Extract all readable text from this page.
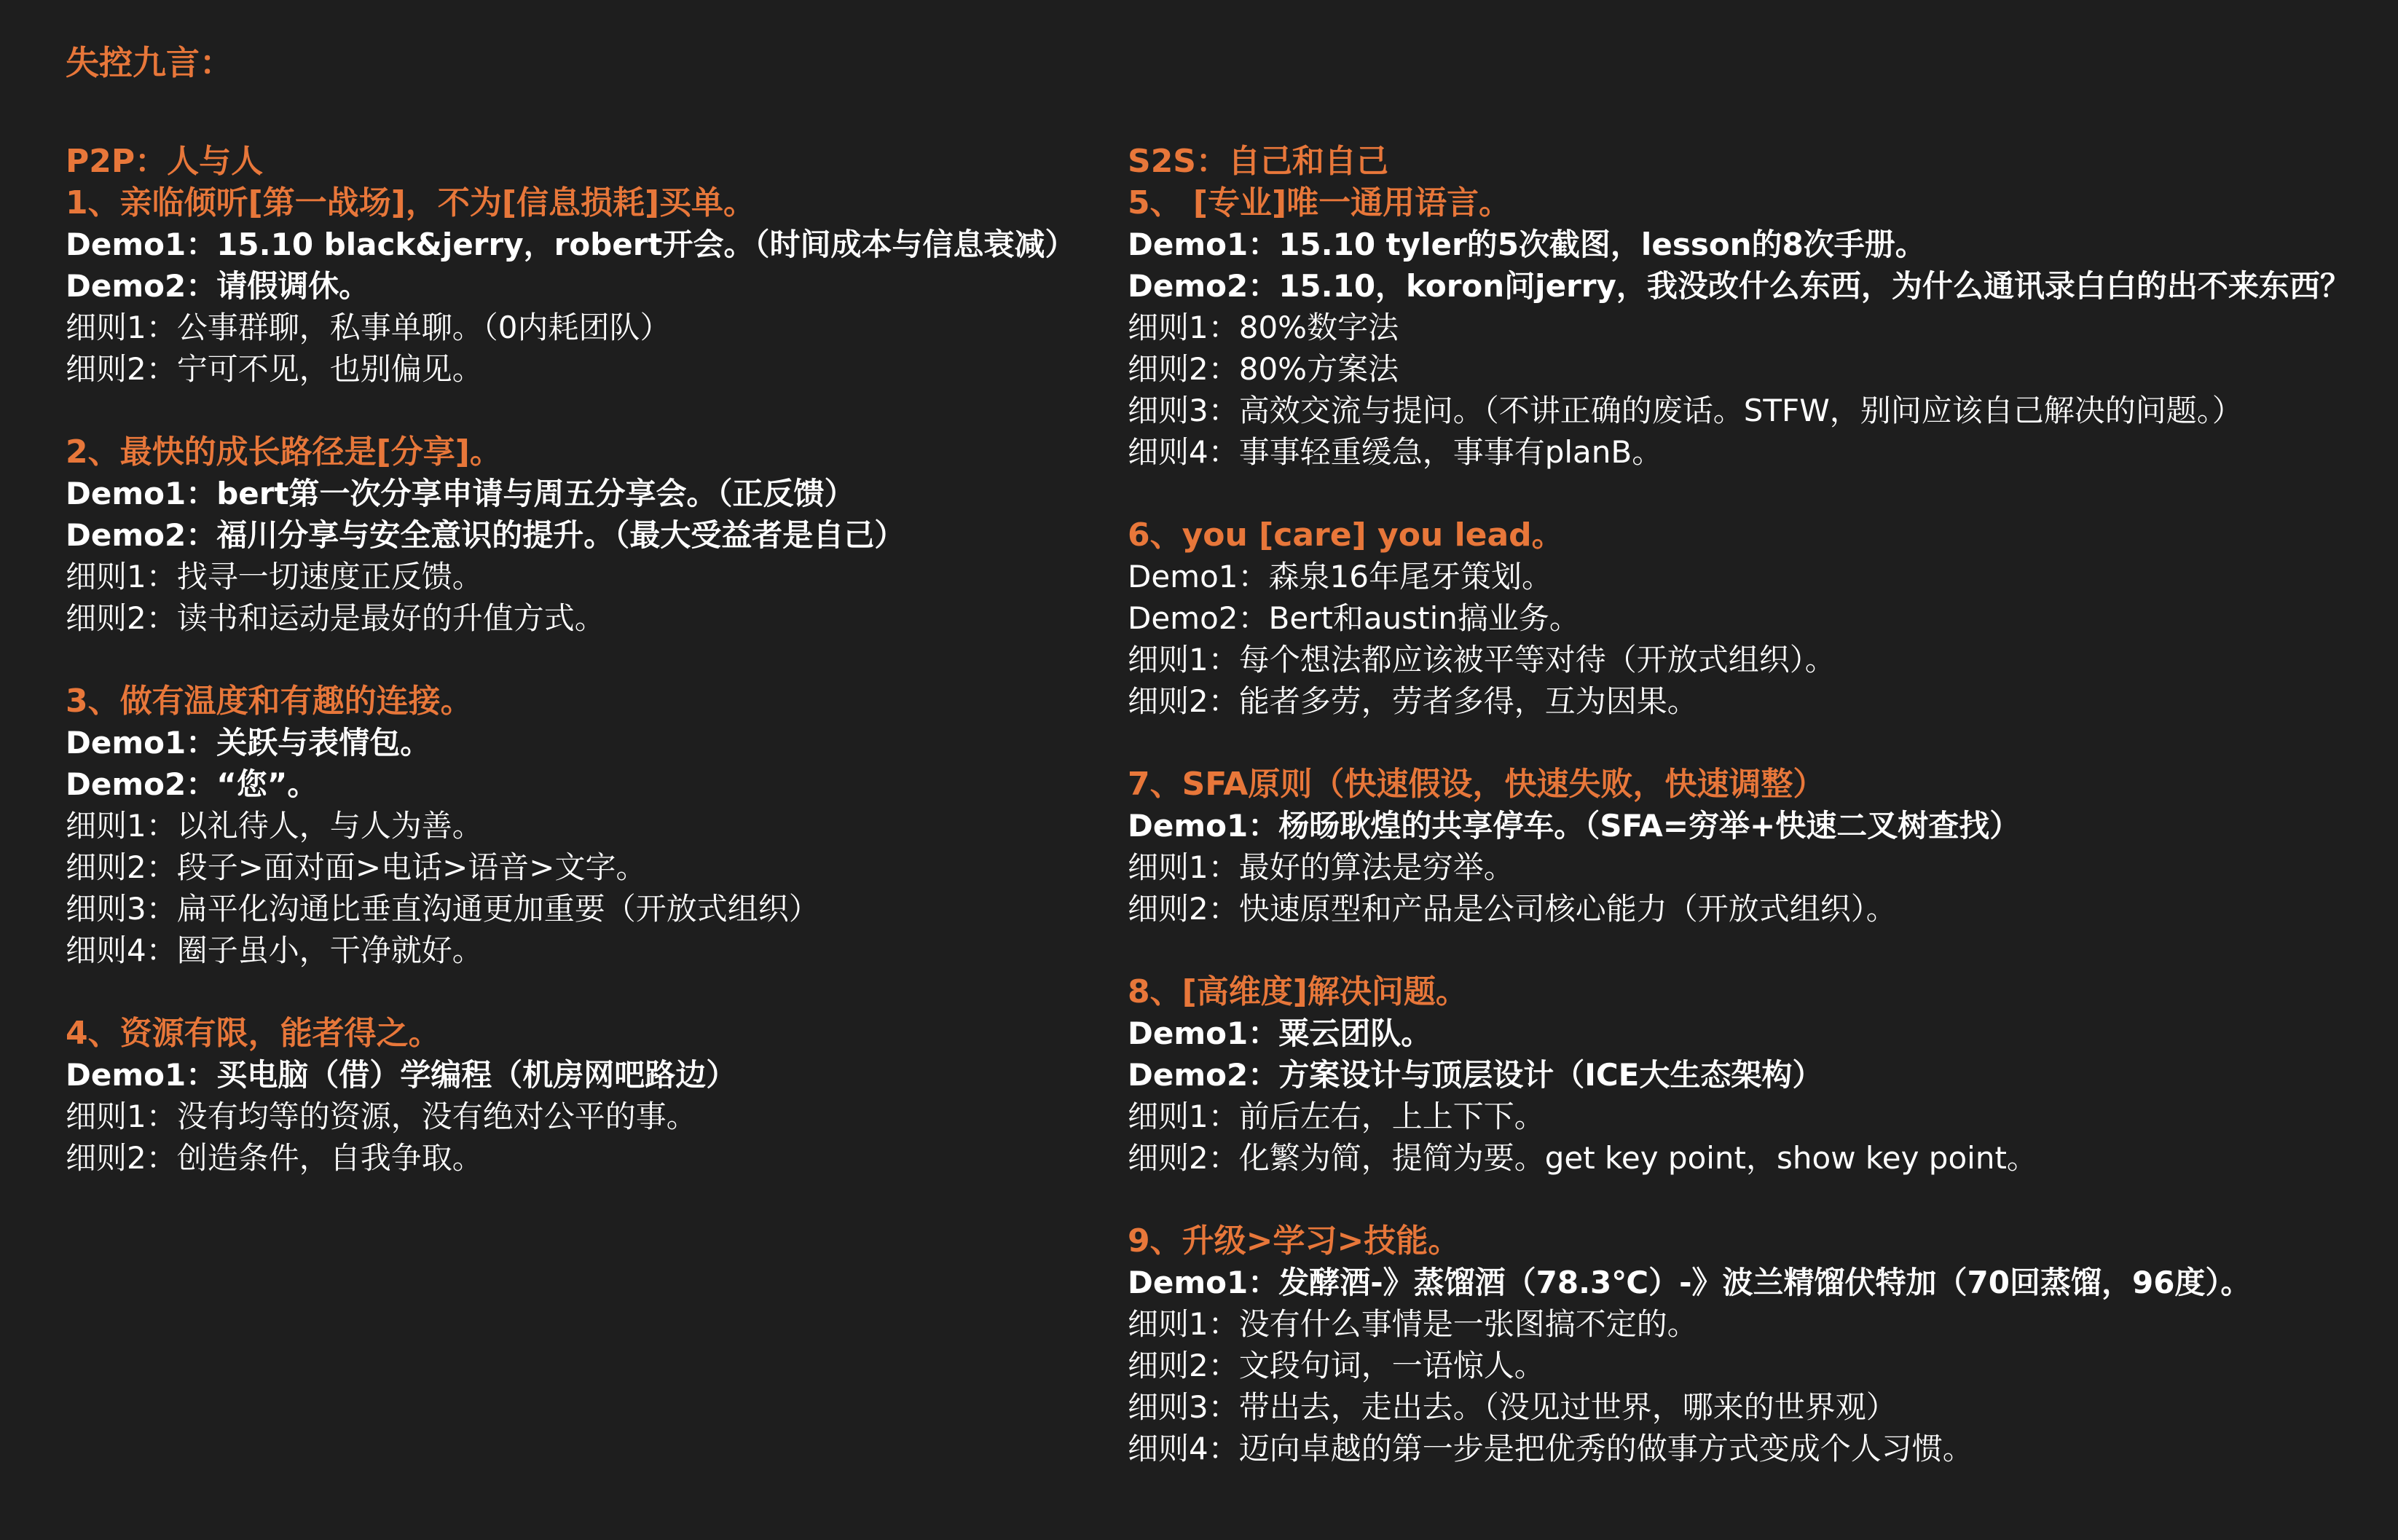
失控九言：
P2P：人与人
1、亲临倾听[第一战场]，不为[信息损耗]买单。
Demo1：15.10 black&jerry，robert开会。（时间成本与信息衰减）
Demo2：请假调休。
细则1：公事群聊，私事单聊。（0内耗团队）
细则2：宁可不见，也别偏见。
2、最快的成长路径是[分享]。
Demo1：bert第一次分享申请与周五分享会。（正反馈）
Demo2：福川分享与安全意识的提升。（最大受益者是自己）
细则1：找寻一切速度正反馈。
细则2：读书和运动是最好的升值方式。
3、做有温度和有趣的连接。
Demo1：关跃与表情包。
Demo2：“您”。
细则1：以礼待人，与人为善。
细则2：段子>面对面>电话>语音>文字。
细则3：扁平化沟通比垂直沟通更加重要（开放式组织）
细则4：圈子虽小，干净就好。
4、资源有限，能者得之。
Demo1：买电脑（借）学编程（机房网吧路边）
细则1：没有均等的资源，没有绝对公平的事。
细则2：创造条件，自我争取。
S2S：自己和自己
5、 [专业]唯一通用语言。
Demo1：15.10 tyler的5次截图，lesson的8次手册。
Demo2：15.10，koron问jerry，我没改什么东西，为什么通讯录白白的出不来东西？
细则1：80%数字法
细则2：80%方案法
细则3：高效交流与提问。（不讲正确的废话。STFW，别问应该自己解决的问题。）
细则4：事事轻重缓急，事事有planB。
6、you [care] you lead。
Demo1：森泉16年尾牙策划。
Demo2：Bert和austin搞业务。
细则1：每个想法都应该被平等对待（开放式组织）。
细则2：能者多劳，劳者多得，互为因果。
7、SFA原则（快速假设，快速失败，快速调整）
Demo1：杨旸耿煌的共享停车。（SFA=穷举+快速二叉树查找）
细则1：最好的算法是穷举。
细则2：快速原型和产品是公司核心能力（开放式组织）。
8、[高维度]解决问题。
Demo1：粟云团队。
Demo2：方案设计与顶层设计（ICE大生态架构）
细则1：前后左右，上上下下。
细则2：化繁为简，提简为要。get key point，show key point。
9、升级>学习>技能。
Demo1：发酵酒-》蒸馏酒（78.3℃）-》波兰精馏伏特加（70回蒸馏，96度）。
细则1：没有什么事情是一张图搞不定的。
细则2：文段句词，一语惊人。
细则3：带出去，走出去。（没见过世界，哪来的世界观）
细则4：迈向卓越的第一步是把优秀的做事方式变成个人习惯。
